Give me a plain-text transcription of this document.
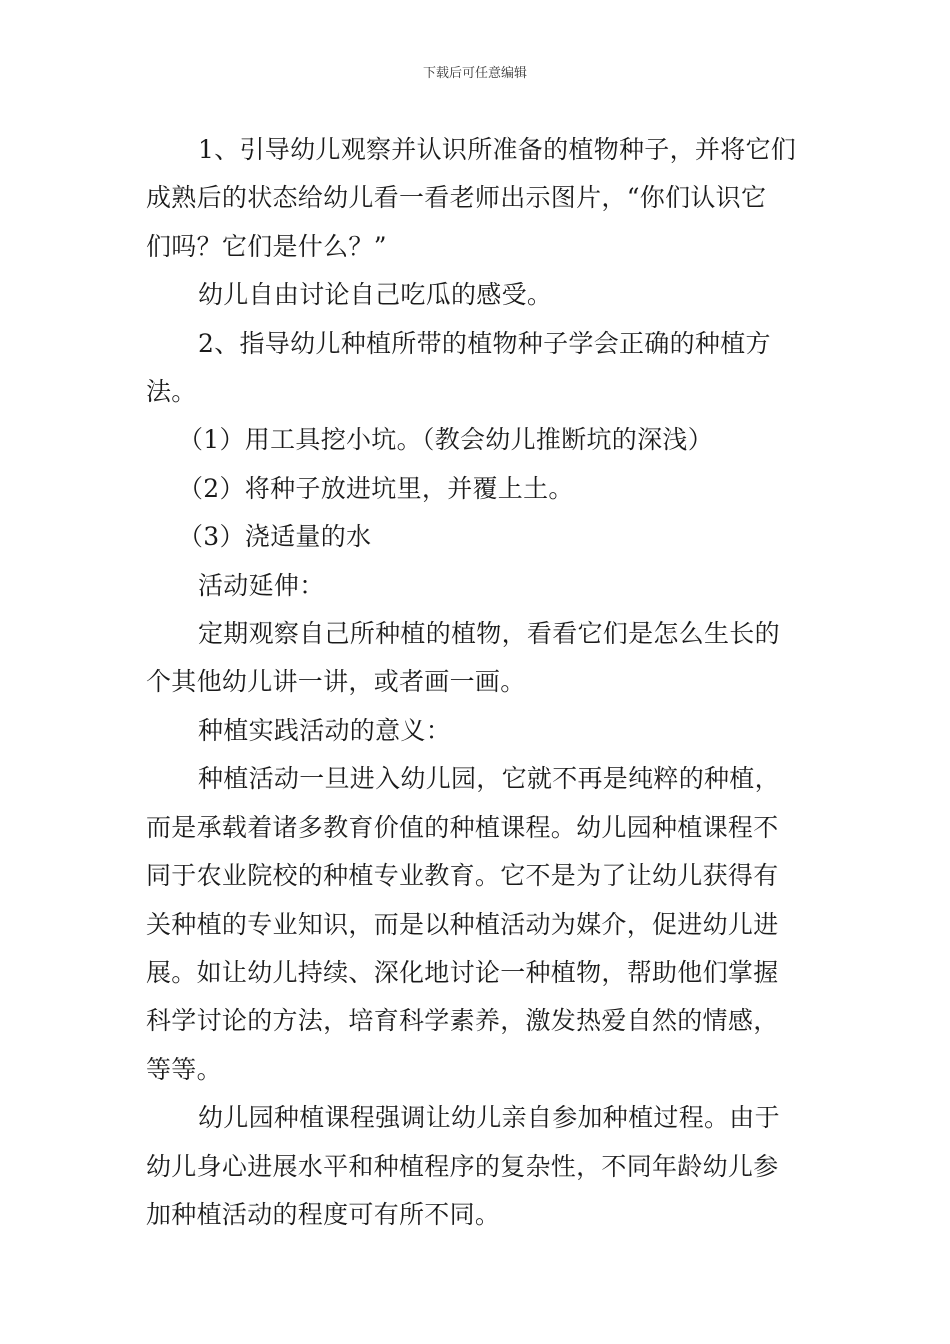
下载后可任意编辑

1、引导幼儿观察并认识所准备的植物种子，并将它们
成熟后的状态给幼儿看一看老师出示图片，“你们认识它
们吗？它们是什么？”

幼儿自由讨论自己吃瓜的感受。

2、指导幼儿种植所带的植物种子学会正确的种植方法。

（1）用工具挖小坑。（教会幼儿推断坑的深浅）

（2）将种子放进坑里，并覆上土。

（3）浇适量的水

活动延伸：

定期观察自己所种植的植物，看看它们是怎么生长的
个其他幼儿讲一讲，或者画一画。

种植实践活动的意义：

种植活动一旦进入幼儿园，它就不再是纯粹的种植，
而是承载着诸多教育价值的种植课程。幼儿园种植课程不
同于农业院校的种植专业教育。它不是为了让幼儿获得有
关种植的专业知识，而是以种植活动为媒介，促进幼儿进
展。如让幼儿持续、深化地讨论一种植物，帮助他们掌握
科学讨论的方法，培育科学素养，激发热爱自然的情感，
等等。

幼儿园种植课程强调让幼儿亲自参加种植过程。由于
幼儿身心进展水平和种植程序的复杂性，不同年龄幼儿参
加种植活动的程度可有所不同。
